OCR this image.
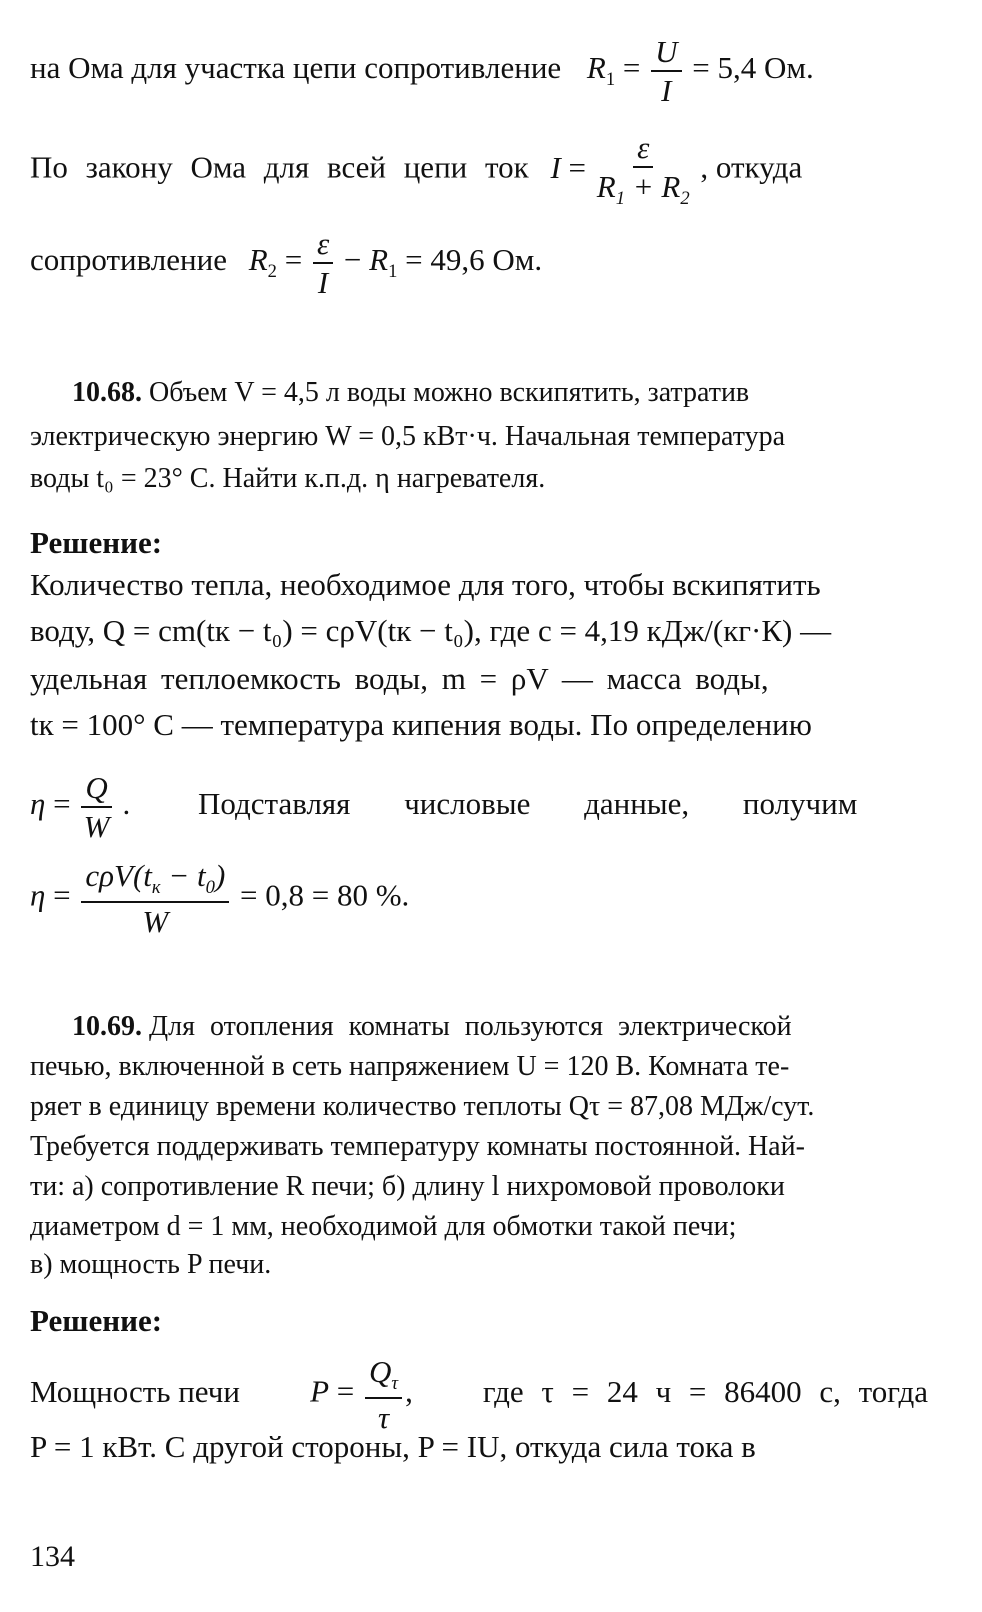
на Ома для участка цепи сопротивление $R_1 = \frac{U}{I} = 5,4$ Ом.
По закону Ома для всей цепи ток $I = \frac{\varepsilon}{R_1 + R_2}$ , откуда
сопротивление $R_2 = \frac{\varepsilon}{I} - R_1 = 49,6$ Ом.
10.68. Объем V = 4,5 л воды можно вскипятить, затратив
электрическую энергию W = 0,5 кВт·ч. Начальная температура
воды t₀ = 23° С. Найти к.п.д. η нагревателя.
Решение:
Количество тепла, необходимое для того, чтобы вскипятить
воду, Q = cm(tк − t₀) = cρV(tк − t₀), где c = 4,19 кДж/(кг·К) —
удельная теплоемкость воды, m = ρV — масса воды,
tк = 100° С — температура кипения воды. По определению
$\eta = \frac{Q}{W}$ . Подставляя числовые данные, получим
$\eta = \frac{c\rho V(t_к - t_0)}{W} = 0,8 = 80$ %.
10.69. Для отопления комнаты пользуются электрической
печью, включенной в сеть напряжением U = 120 В. Комната те-
ряет в единицу времени количество теплоты Qτ = 87,08 МДж/сут.
Требуется поддерживать температуру комнаты постоянной. Най-
ти: а) сопротивление R печи; б) длину l нихромовой проволоки
диаметром d = 1 мм, необходимой для обмотки такой печи;
в) мощность P печи.
Решение:
Мощность печи $P = \frac{Q_\tau}{\tau}$ , где τ = 24 ч = 86400 с, тогда
P = 1 кВт. С другой стороны, P = IU, откуда сила тока в
134
